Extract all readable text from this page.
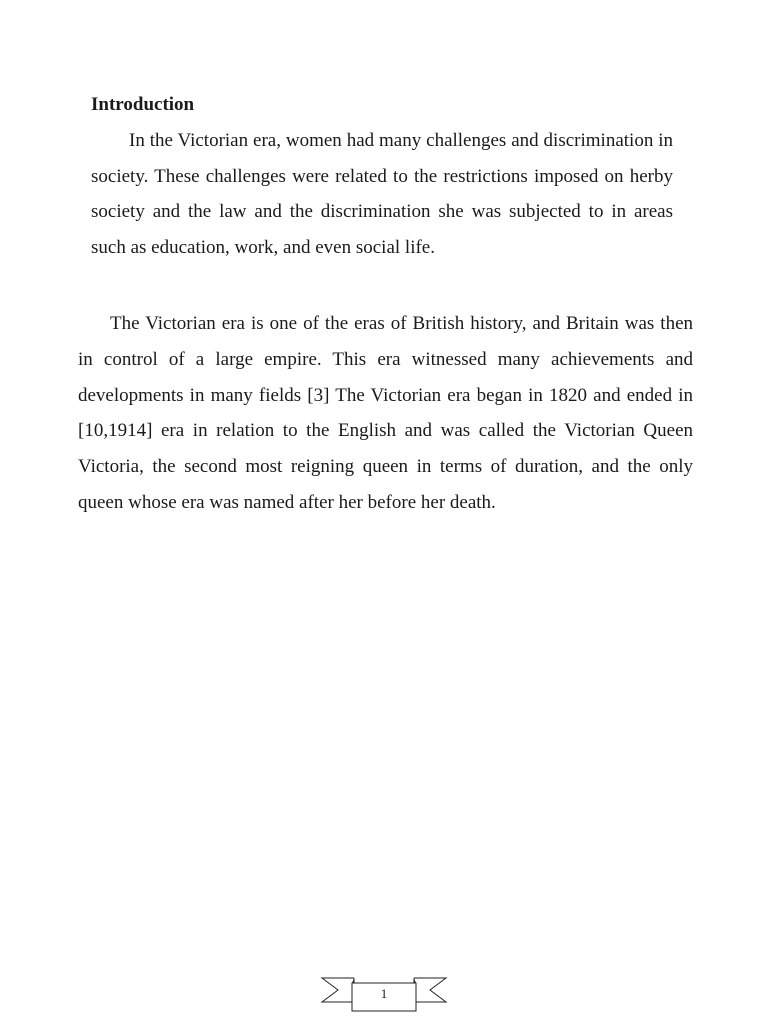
Introduction

In the Victorian era, women had many challenges and discrimination in society. These challenges were related to the restrictions imposed on herby society and the law and the discrimination she was subjected to in areas such as education, work, and even social life.

The Victorian era is one of the eras of British history, and Britain was then in control of a large empire. This era witnessed many achievements and developments in many fields [3] The Victorian era began in 1820 and ended in [10,1914] era in relation to the English and was called the Victorian Queen Victoria, the second most reigning queen in terms of duration, and the only queen whose era was named after her before her death.

1
